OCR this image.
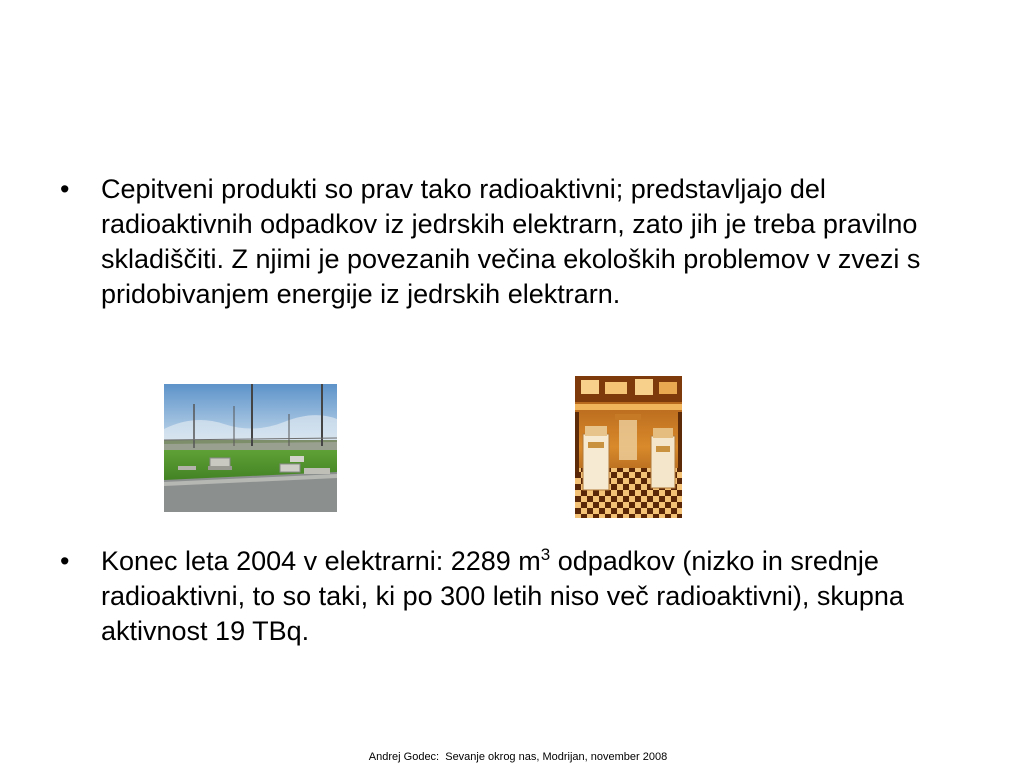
•	Cepitveni produkti so prav tako radioaktivni; predstavljajo del radioaktivnih odpadkov iz jedrskih elektrarn, zato jih je treba pravilno skladiščiti. Z njimi je povezanih večina ekoloških problemov v zvezi s pridobivanjem energije iz jedrskih elektrarn.
•	Konec leta 2004 v elektrarni: 2289 $m^3$ odpadkov (nizko in srednje radioaktivni, to so taki, ki po 300 letih niso več radioaktivni), skupna aktivnost 19 TBq.
Andrej Godec:  Sevanje okrog nas, Modrijan, november 2008
